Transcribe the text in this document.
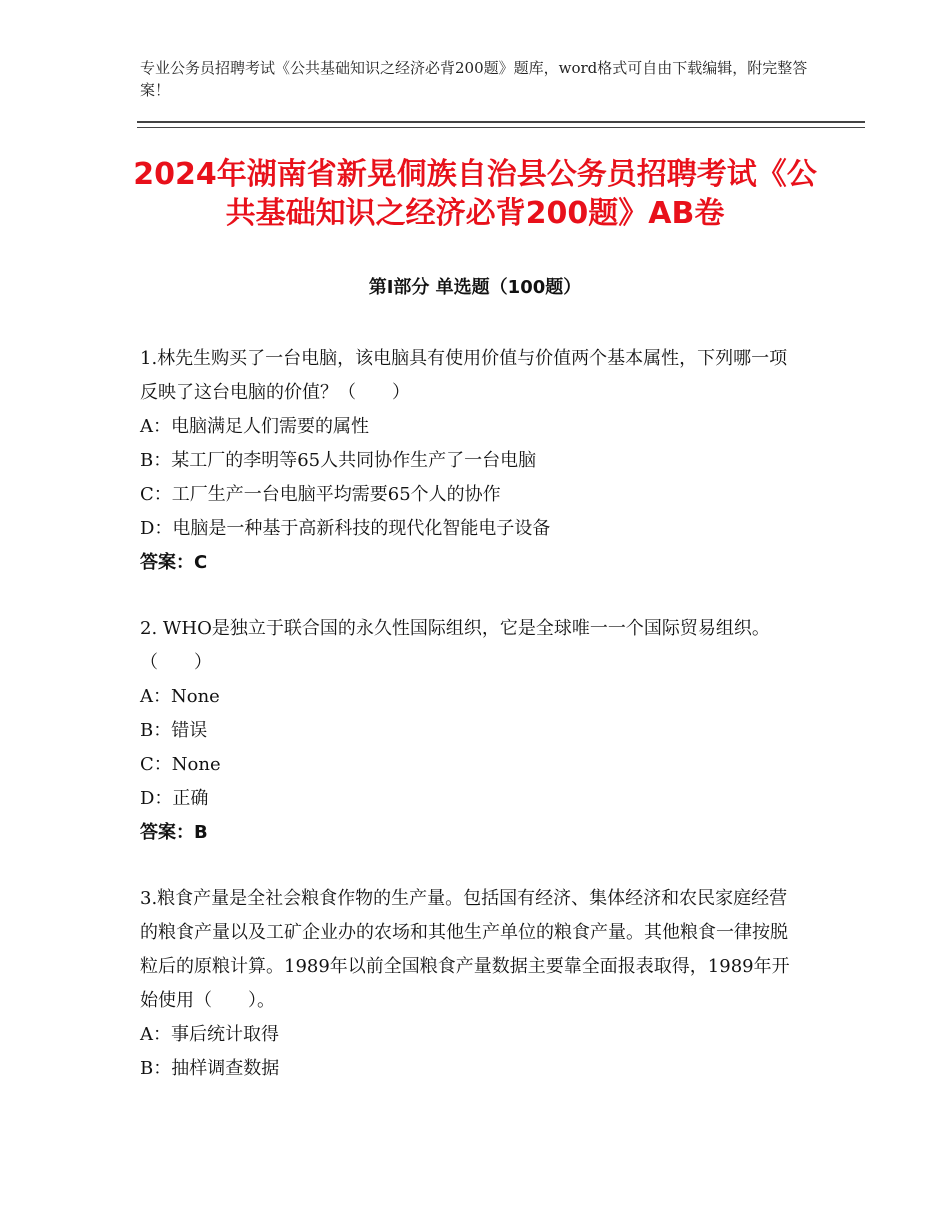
专业公务员招聘考试《公共基础知识之经济必背200题》题库，word格式可自由下载编辑，附完整答案！
2024年湖南省新晃侗族自治县公务员招聘考试《公共基础知识之经济必背200题》AB卷
第Ⅰ部分 单选题（100题）

1.林先生购买了一台电脑，该电脑具有使用价值与价值两个基本属性，下列哪一项反映了这台电脑的价值？（　　）

A：电脑满足人们需要的属性

B：某工厂的李明等65人共同协作生产了一台电脑

C：工厂生产一台电脑平均需要65个人的协作

D：电脑是一种基于高新科技的现代化智能电子设备

答案：C

2. WHO是独立于联合国的永久性国际组织，它是全球唯一一个国际贸易组织。（　　）

A：None

B：错误

C：None

D：正确

答案：B

3.粮食产量是全社会粮食作物的生产量。包括国有经济、集体经济和农民家庭经营的粮食产量以及工矿企业办的农场和其他生产单位的粮食产量。其他粮食一律按脱粒后的原粮计算。1989年以前全国粮食产量数据主要靠全面报表取得，1989年开始使用（　　）。

A：事后统计取得

B：抽样调查数据
